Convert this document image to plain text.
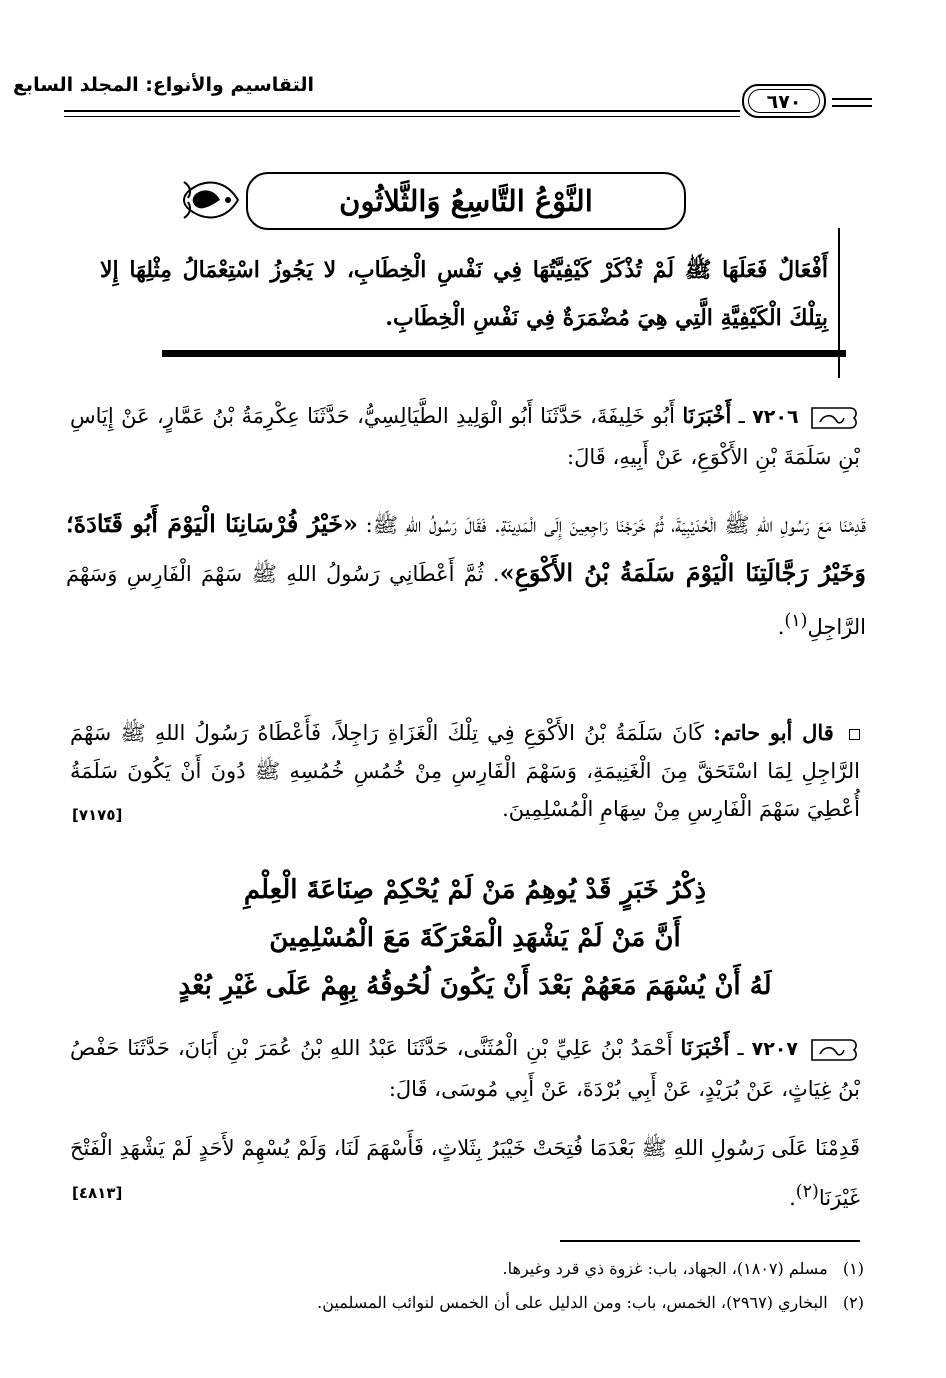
التقاسيم والأنواع: المجلد السابع
٦٧٠
النَّوْعُ التَّاسِعُ وَالثَّلاثُون
أَفْعَالٌ فَعَلَهَا ﷺ لَمْ تُذْكَرْ كَيْفِيَّتُهَا فِي نَفْسِ الْخِطَابِ، لا يَجُوزُ اسْتِعْمَالُ مِثْلِهَا إِلا بِتِلْكَ الْكَيْفِيَّةِ الَّتِي هِيَ مُضْمَرَةٌ فِي نَفْسِ الْخِطَابِ.
٧٢٠٦ ـ أَخْبَرَنَا أَبُو خَلِيفَةَ، حَدَّثَنَا أَبُو الْوَلِيدِ الطَّيَالِسِيُّ، حَدَّثَنَا عِكْرِمَةُ بْنُ عَمَّارٍ، عَنْ إِيَاسِ بْنِ سَلَمَةَ بْنِ الأَكْوَعِ، عَنْ أَبِيهِ، قَالَ:
قَدِمْنَا مَعَ رَسُولِ اللهِ ﷺ الْحُدَيْبِيَةَ، ثُمَّ خَرَجْنَا رَاجِعِينَ إِلَى الْمَدِينَةِ. فَقَالَ رَسُولُ اللهِ ﷺ: «خَيْرُ فُرْسَانِنَا الْيَوْمَ أَبُو قَتَادَةَ؛ وَخَيْرُ رَجَّالَتِنَا الْيَوْمَ سَلَمَةُ بْنُ الأَكْوَعِ». ثُمَّ أَعْطَانِي رَسُولُ اللهِ ﷺ سَهْمَ الْفَارِسِ وَسَهْمَ الرَّاجِلِ$^{(١)}$.
قال أبو حاتم: كَانَ سَلَمَةُ بْنُ الأَكْوَعِ فِي تِلْكَ الْغَزَاةِ رَاجِلاً، فَأَعْطَاهُ رَسُولُ اللهِ ﷺ سَهْمَ الرَّاجِلِ لِمَا اسْتَحَقَّ مِنَ الْغَنِيمَةِ، وَسَهْمَ الْفَارِسِ مِنْ خُمُسِ خُمُسِهِ ﷺ دُونَ أَنْ يَكُونَ سَلَمَةُ أُعْطِيَ سَهْمَ الْفَارِسِ مِنْ سِهَامِ الْمُسْلِمِينَ.
[٧١٧٥]
ذِكْرُ خَبَرٍ قَدْ يُوهِمُ مَنْ لَمْ يُحْكِمْ صِنَاعَةَ الْعِلْمِ
أَنَّ مَنْ لَمْ يَشْهَدِ الْمَعْرَكَةَ مَعَ الْمُسْلِمِينَ
لَهُ أَنْ يُسْهَمَ مَعَهُمْ بَعْدَ أَنْ يَكُونَ لُحُوقُهُ بِهِمْ عَلَى غَيْرِ بُعْدٍ
٧٢٠٧ ـ أَخْبَرَنَا أَحْمَدُ بْنُ عَلِيِّ بْنِ الْمُثَنَّى، حَدَّثَنَا عَبْدُ اللهِ بْنُ عُمَرَ بْنِ أَبَانَ، حَدَّثَنَا حَفْصُ بْنُ غِيَاثٍ، عَنْ بُرَيْدٍ، عَنْ أَبِي بُرْدَةَ، عَنْ أَبِي مُوسَى، قَالَ:
قَدِمْنَا عَلَى رَسُولِ اللهِ ﷺ بَعْدَمَا فُتِحَتْ خَيْبَرُ بِثَلاثٍ، فَأَسْهَمَ لَنَا، وَلَمْ يُسْهِمْ لأَحَدٍ لَمْ يَشْهَدِ الْفَتْحَ غَيْرَنَا$^{(٢)}$.
[٤٨١٣]
(١)   مسلم (١٨٠٧)، الجهاد، باب: غزوة ذي قرد وغيرها.
(٢)   البخاري (٢٩٦٧)، الخمس، باب: ومن الدليل على أن الخمس لنوائب المسلمين.
